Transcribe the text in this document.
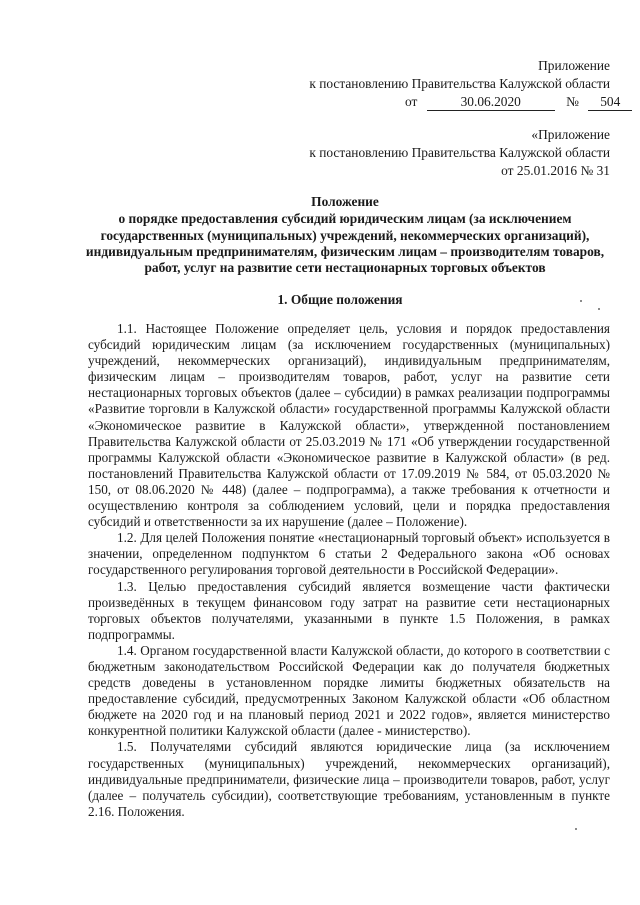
Приложение
к постановлению Правительства Калужской области
от	30.06.2020	№ 504
«Приложение
к постановлению Правительства Калужской области
от 25.01.2016 № 31
Положение
о порядке предоставления субсидий юридическим лицам (за исключением
государственных (муниципальных) учреждений, некоммерческих организаций),
индивидуальным предпринимателям, физическим лицам – производителям товаров,
работ, услуг на развитие сети нестационарных торговых объектов
1. Общие положения

1.1. Настоящее Положение определяет цель, условия и порядок предоставления субсидий юридическим лицам (за исключением государственных (муниципальных) учреждений, некоммерческих организаций), индивидуальным предпринимателям, физическим лицам – производителям товаров, работ, услуг на развитие сети нестационарных торговых объектов (далее – субсидии) в рамках реализации подпрограммы «Развитие торговли в Калужской области» государственной программы Калужской области «Экономическое развитие в Калужской области», утвержденной постановлением Правительства Калужской области от 25.03.2019 № 171 «Об утверждении государственной программы Калужской области «Экономическое развитие в Калужской области» (в ред. постановлений Правительства Калужской области от 17.09.2019 № 584, от 05.03.2020 № 150, от 08.06.2020 № 448) (далее – подпрограмма), а также требования к отчетности и осуществлению контроля за соблюдением условий, цели и порядка предоставления субсидий и ответственности за их нарушение (далее – Положение).

1.2. Для целей Положения понятие «нестационарный торговый объект» используется в значении, определенном подпунктом 6 статьи 2 Федерального закона «Об основах государственного регулирования торговой деятельности в Российской Федерации».

1.3. Целью предоставления субсидий является возмещение части фактически произведённых в текущем финансовом году затрат на развитие сети нестационарных торговых объектов получателями, указанными в пункте 1.5 Положения, в рамках подпрограммы.

1.4. Органом государственной власти Калужской области, до которого в соответствии с бюджетным законодательством Российской Федерации как до получателя бюджетных средств доведены в установленном порядке лимиты бюджетных обязательств на предоставление субсидий, предусмотренных Законом Калужской области «Об областном бюджете на 2020 год и на плановый период 2021 и 2022 годов», является министерство конкурентной политики Калужской области (далее - министерство).

1.5. Получателями субсидий являются юридические лица (за исключением государственных (муниципальных) учреждений, некоммерческих организаций), индивидуальные предприниматели, физические лица – производители товаров, работ, услуг (далее – получатель субсидии), соответствующие требованиям, установленным в пункте 2.16. Положения.
